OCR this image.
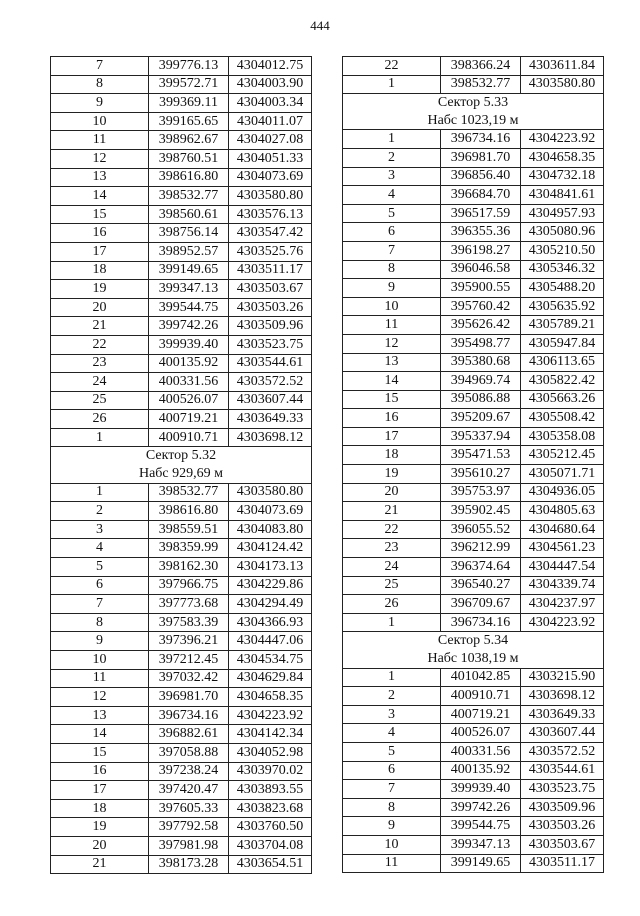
444
7	399776.13	4304012.75
8	399572.71	4304003.90
9	399369.11	4304003.34
10	399165.65	4304011.07
11	398962.67	4304027.08
12	398760.51	4304051.33
13	398616.80	4304073.69
14	398532.77	4303580.80
15	398560.61	4303576.13
16	398756.14	4303547.42
17	398952.57	4303525.76
18	399149.65	4303511.17
19	399347.13	4303503.67
20	399544.75	4303503.26
21	399742.26	4303509.96
22	399939.40	4303523.75
23	400135.92	4303544.61
24	400331.56	4303572.52
25	400526.07	4303607.44
26	400719.21	4303649.33
1	400910.71	4303698.12
Сектор 5.32		
Набс 929,69 м		
1	398532.77	4303580.80
2	398616.80	4304073.69
3	398559.51	4304083.80
4	398359.99	4304124.42
5	398162.30	4304173.13
6	397966.75	4304229.86
7	397773.68	4304294.49
8	397583.39	4304366.93
9	397396.21	4304447.06
10	397212.45	4304534.75
11	397032.42	4304629.84
12	396981.70	4304658.35
13	396734.16	4304223.92
14	396882.61	4304142.34
15	397058.88	4304052.98
16	397238.24	4303970.02
17	397420.47	4303893.55
18	397605.33	4303823.68
19	397792.58	4303760.50
20	397981.98	4303704.08
21	398173.28	4303654.51
22	398366.24	4303611.84
1	398532.77	4303580.80
Сектор 5.33		
Набс 1023,19 м		
1	396734.16	4304223.92
2	396981.70	4304658.35
3	396856.40	4304732.18
4	396684.70	4304841.61
5	396517.59	4304957.93
6	396355.36	4305080.96
7	396198.27	4305210.50
8	396046.58	4305346.32
9	395900.55	4305488.20
10	395760.42	4305635.92
11	395626.42	4305789.21
12	395498.77	4305947.84
13	395380.68	4306113.65
14	394969.74	4305822.42
15	395086.88	4305663.26
16	395209.67	4305508.42
17	395337.94	4305358.08
18	395471.53	4305212.45
19	395610.27	4305071.71
20	395753.97	4304936.05
21	395902.45	4304805.63
22	396055.52	4304680.64
23	396212.99	4304561.23
24	396374.64	4304447.54
25	396540.27	4304339.74
26	396709.67	4304237.97
1	396734.16	4304223.92
Сектор 5.34		
Набс 1038,19 м		
1	401042.85	4303215.90
2	400910.71	4303698.12
3	400719.21	4303649.33
4	400526.07	4303607.44
5	400331.56	4303572.52
6	400135.92	4303544.61
7	399939.40	4303523.75
8	399742.26	4303509.96
9	399544.75	4303503.26
10	399347.13	4303503.67
11	399149.65	4303511.17
